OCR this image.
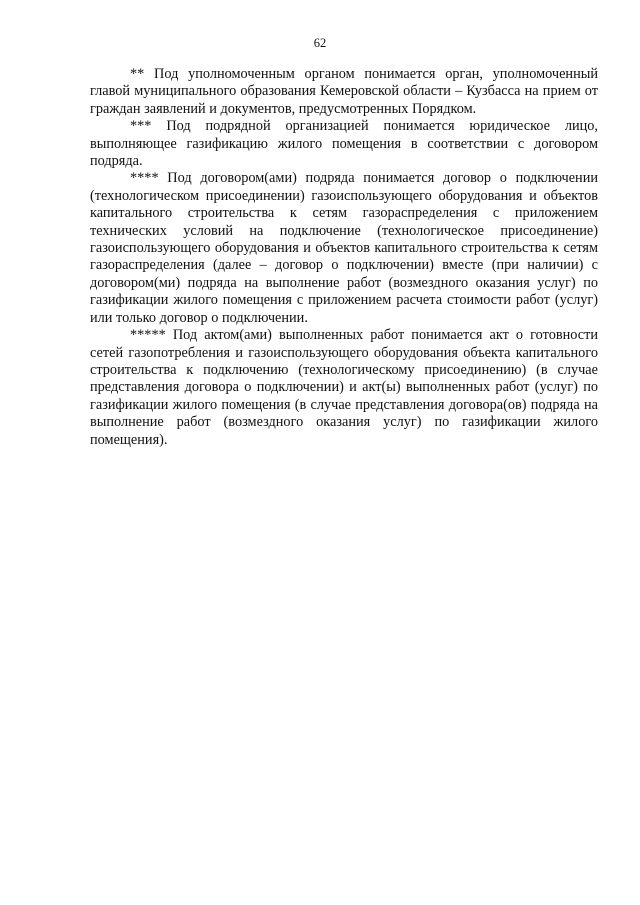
62

** Под уполномоченным органом понимается орган, уполномоченный главой муниципального образования Кемеровской области – Кузбасса на прием от граждан заявлений и документов, предусмотренных Порядком.

*** Под подрядной организацией понимается юридическое лицо, выполняющее газификацию жилого помещения в соответствии с договором подряда.

**** Под договором(ами) подряда понимается договор о подключении (технологическом присоединении) газоиспользующего оборудования и объектов капитального строительства к сетям газораспределения с приложением технических условий на подключение (технологическое присоединение) газоиспользующего оборудования и объектов капитального строительства к сетям газораспределения (далее – договор о подключении) вместе (при наличии) с договором(ми) подряда на выполнение работ (возмездного оказания услуг) по газификации жилого помещения с приложением расчета стоимости работ (услуг) или только договор о подключении.

***** Под актом(ами) выполненных работ понимается акт о готовности сетей газопотребления и газоиспользующего оборудования объекта капитального строительства к подключению (технологическому присоединению) (в случае представления договора о подключении) и акт(ы) выполненных работ (услуг) по газификации жилого помещения (в случае представления договора(ов) подряда на выполнение работ (возмездного оказания услуг) по газификации жилого помещения).
